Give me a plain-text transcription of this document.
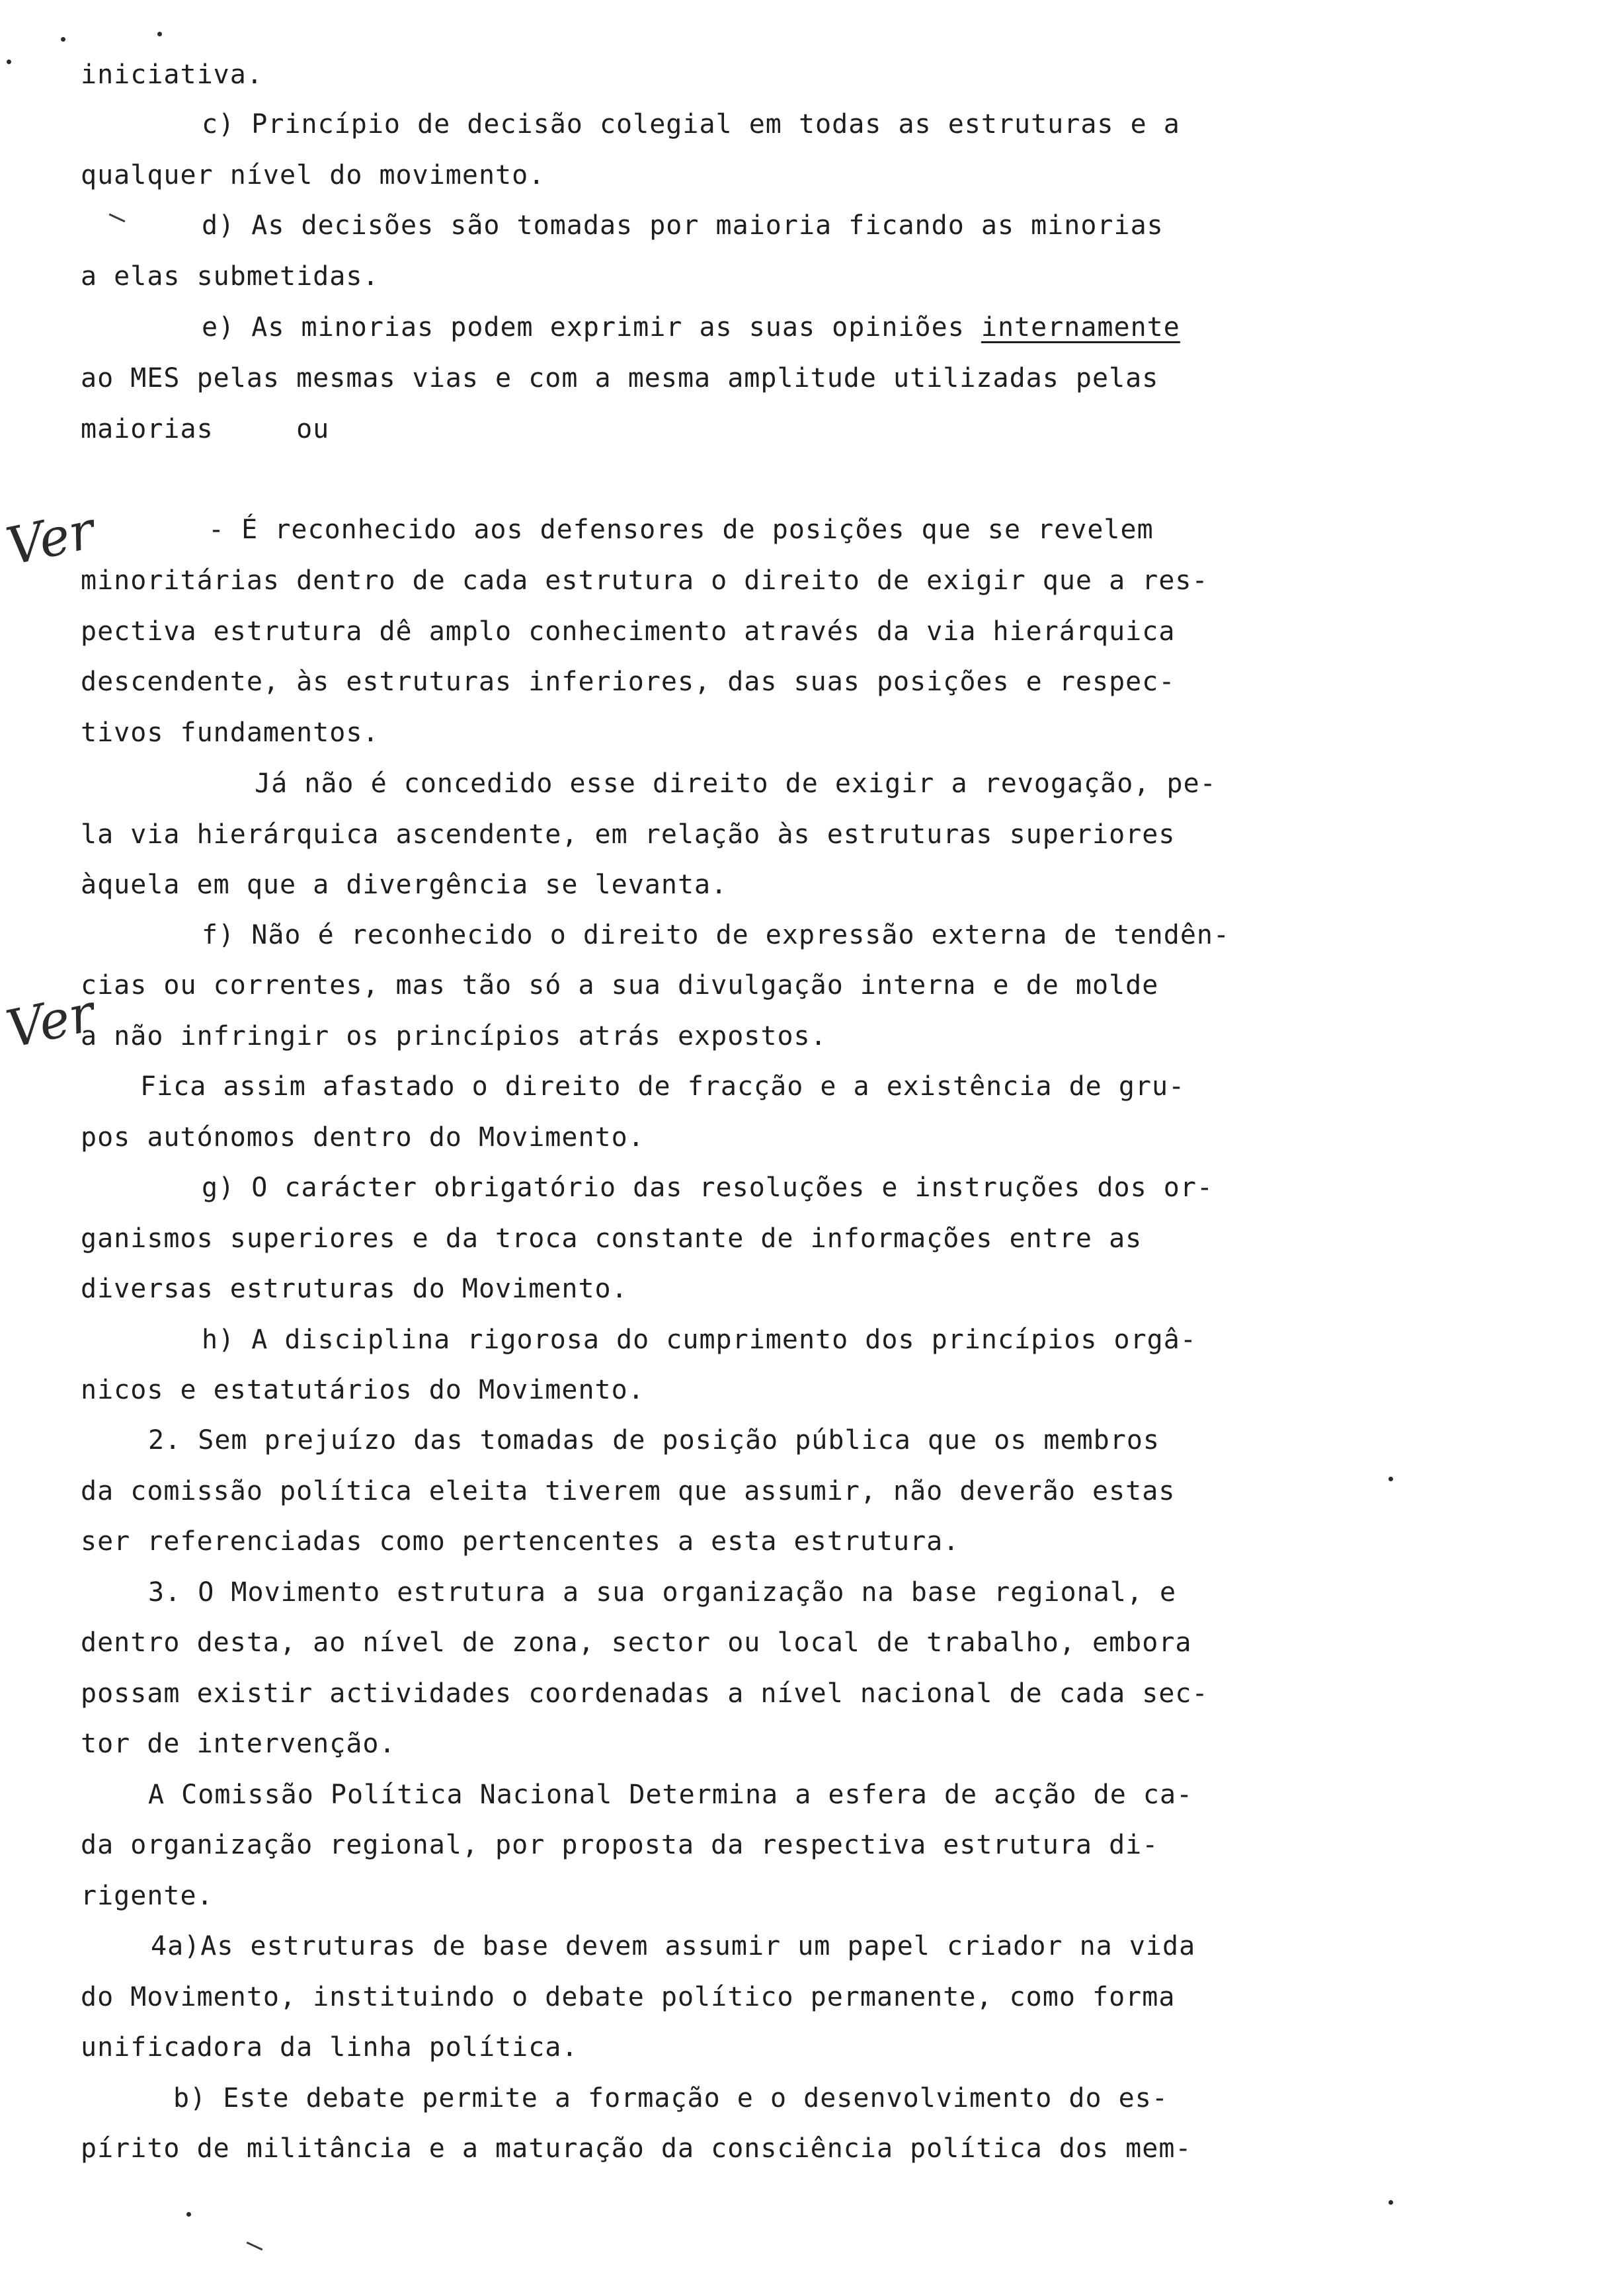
iniciativa.

c) Princípio de decisão colegial em todas as estruturas e a

qualquer nível do movimento.

d) As decisões são tomadas por maioria ficando as minorias

a elas submetidas.

e) As minorias podem exprimir as suas opiniões internamente

ao MES pelas mesmas vias e com a mesma amplitude utilizadas pelas

maiorias     ou

- É reconhecido aos defensores de posições que se revelem

minoritárias dentro de cada estrutura o direito de exigir que a res-

pectiva estrutura dê amplo conhecimento através da via hierárquica

descendente, às estruturas inferiores, das suas posições e respec-

tivos fundamentos.

Já não é concedido esse direito de exigir a revogação, pe-

la via hierárquica ascendente, em relação às estruturas superiores

àquela em que a divergência se levanta.

f) Não é reconhecido o direito de expressão externa de tendên-

cias ou correntes, mas tão só a sua divulgação interna e de molde

a não infringir os princípios atrás expostos.

Fica assim afastado o direito de fracção e a existência de gru-

pos autónomos dentro do Movimento.

g) O carácter obrigatório das resoluções e instruções dos or-

ganismos superiores e da troca constante de informações entre as

diversas estruturas do Movimento.

h) A disciplina rigorosa do cumprimento dos princípios orgâ-

nicos e estatutários do Movimento.

2. Sem prejuízo das tomadas de posição pública que os membros

da comissão política eleita tiverem que assumir, não deverão estas

ser referenciadas como pertencentes a esta estrutura.

3. O Movimento estrutura a sua organização na base regional, e

dentro desta, ao nível de zona, sector ou local de trabalho, embora

possam existir actividades coordenadas a nível nacional de cada sec-

tor de intervenção.

A Comissão Política Nacional Determina a esfera de acção de ca-

da organização regional, por proposta da respectiva estrutura di-

rigente.

4a)As estruturas de base devem assumir um papel criador na vida

do Movimento, instituindo o debate político permanente, como forma

unificadora da linha política.

b) Este debate permite a formação e o desenvolvimento do es-

pírito de militância e a maturação da consciência política dos mem-

Ver
Ver
